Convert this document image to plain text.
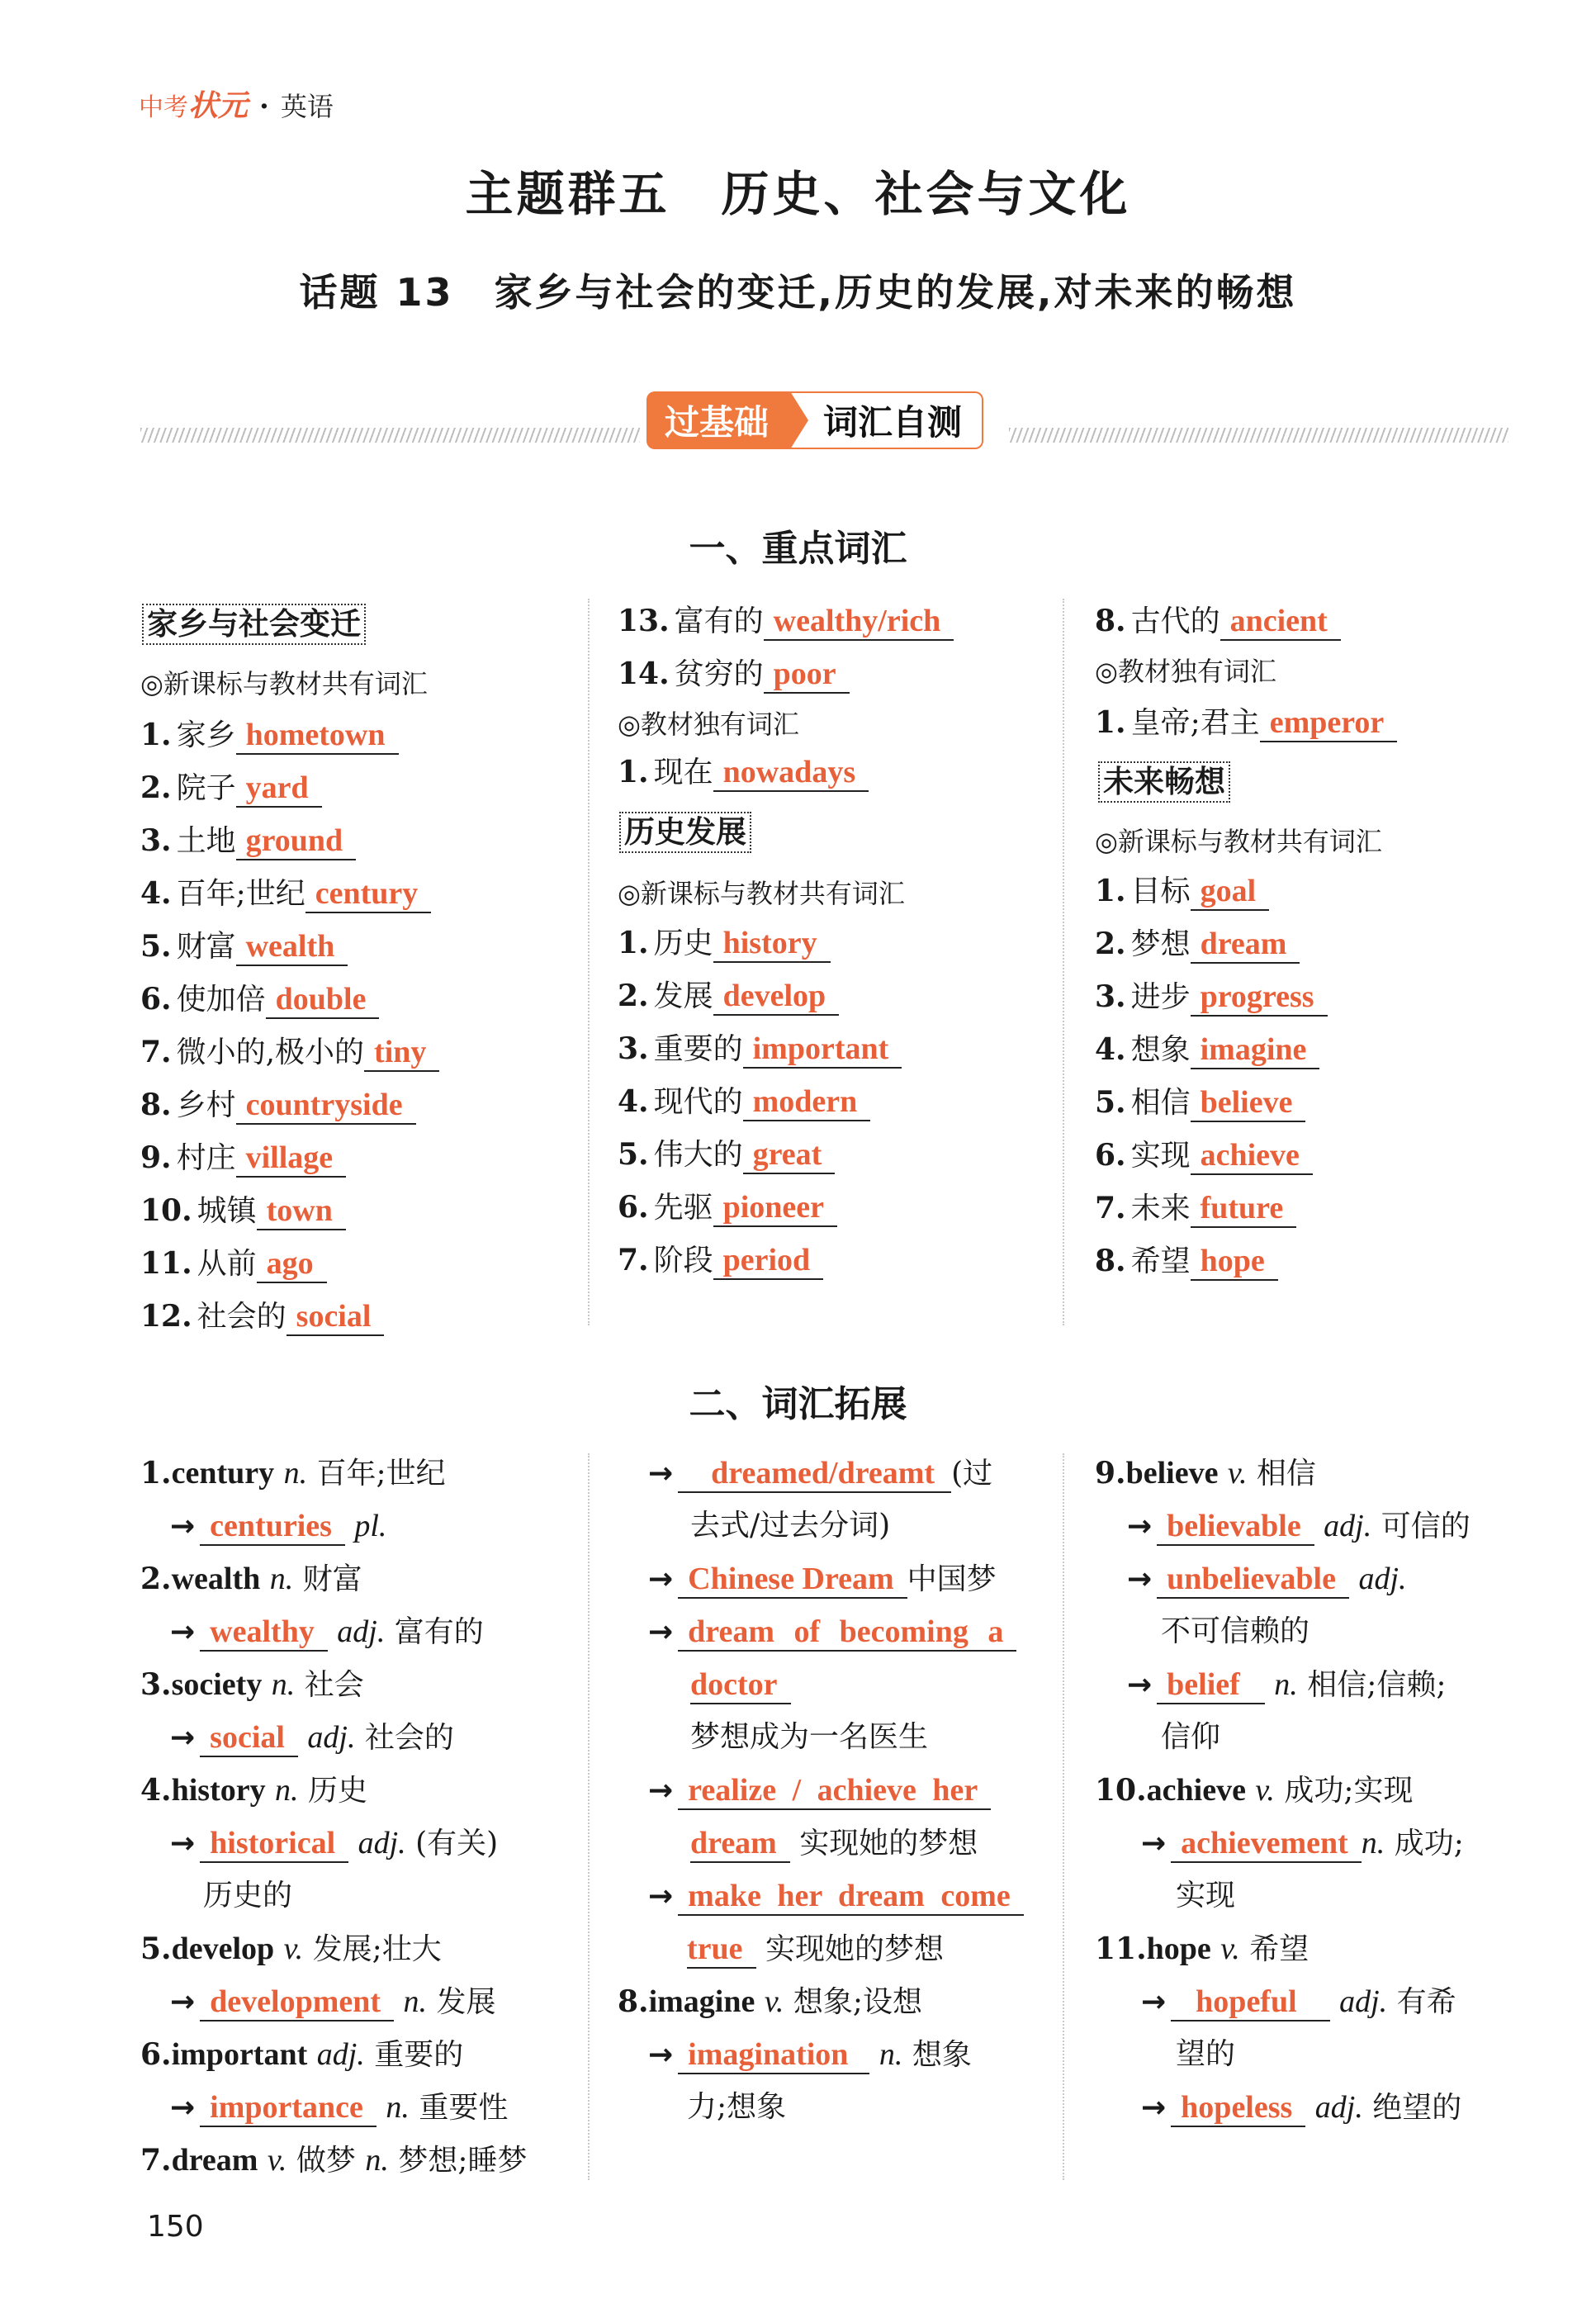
中考状元 · 英语
主题群五　历史、社会与文化
话题 13　家乡与社会的变迁,历史的发展,对未来的畅想
过基础	词汇自测
一、重点词汇
家乡与社会变迁
◎新课标与教材共有词汇
1. 家乡 hometown
2. 院子 yard
3. 土地 ground
4. 百年;世纪 century
5. 财富 wealth
6. 使加倍 double
7. 微小的,极小的 tiny
8. 乡村 countryside
9. 村庄 village
10. 城镇 town
11. 从前 ago
12. 社会的 social
13. 富有的 wealthy/rich
14. 贫穷的 poor
◎教材独有词汇
1. 现在 nowadays
历史发展
◎新课标与教材共有词汇
1. 历史 history
2. 发展 develop
3. 重要的 important
4. 现代的 modern
5. 伟大的 great
6. 先驱 pioneer
7. 阶段 period
8. 古代的 ancient
◎教材独有词汇
1. 皇帝;君主 emperor
未来畅想
◎新课标与教材共有词汇
1. 目标 goal
2. 梦想 dream
3. 进步 progress
4. 想象 imagine
5. 相信 believe
6. 实现 achieve
7. 未来 future
8. 希望 hope
二、词汇拓展
1.century n. 百年;世纪
→ centuries pl.
2.wealth n. 财富
→ wealthy adj. 富有的
3.society n. 社会
→ social adj. 社会的
4.history n. 历史
→ historical adj. (有关)
历史的
5.develop v. 发展;壮大
→ development n. 发展
6.important adj. 重要的
→ importance n. 重要性
7.dream v. 做梦 n. 梦想;睡梦
→ dreamed/dreamt (过
去式/过去分词)
→ Chinese Dream 中国梦
→ dream of becoming a
doctor
梦想成为一名医生
→ realize / achieve her
dream 实现她的梦想
→ make her dream come
true 实现她的梦想
8.imagine v. 想象;设想
→ imagination n. 想象
力;想象
9.believe v. 相信
→ believable adj. 可信的
→ unbelievable adj.
不可信赖的
→ belief n. 相信;信赖;
信仰
10.achieve v. 成功;实现
→ achievement n. 成功;
实现
11.hope v. 希望
→ hopeful adj. 有希
望的
→ hopeless adj. 绝望的
150
